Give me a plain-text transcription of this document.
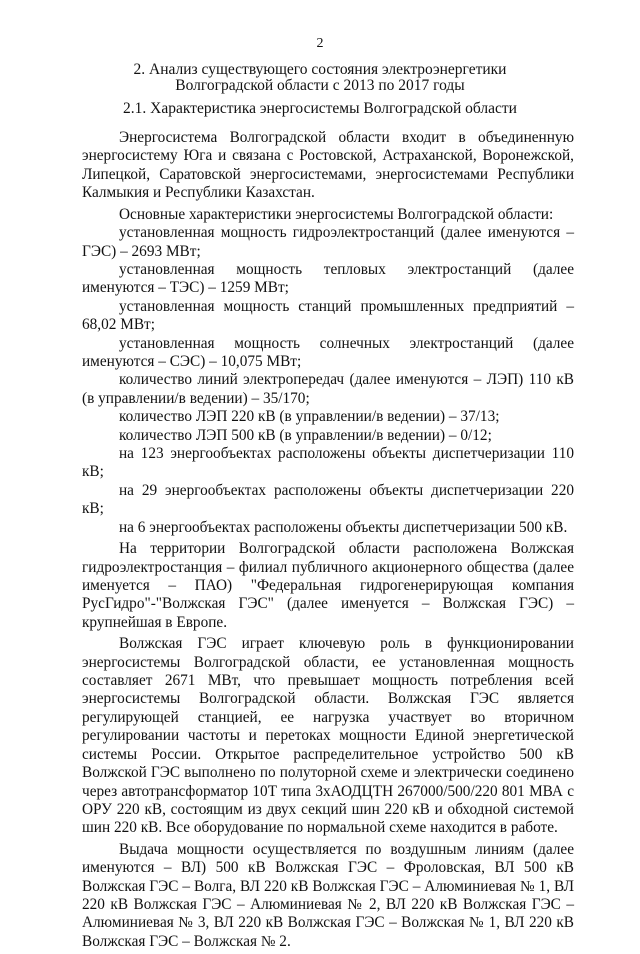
2
2. Анализ существующего состояния электроэнергетики
Волгоградской области с 2013 по 2017 годы
2.1. Характеристика энергосистемы Волгоградской области

Энергосистема Волгоградской области входит в объединенную энергосистему Юга и связана с Ростовской, Астраханской, Воронежской, Липецкой, Саратовской энергосистемами, энергосистемами Республики Калмыкия и Республики Казахстан.

Основные характеристики энергосистемы Волгоградской области:

установленная мощность гидроэлектростанций (далее именуются – ГЭС) – 2693 МВт;

установленная мощность тепловых электростанций (далее именуются – ТЭС) – 1259 МВт;

установленная мощность станций промышленных предприятий – 68,02 МВт;

установленная мощность солнечных электростанций (далее именуются – СЭС) – 10,075 МВт;

количество линий электропередач (далее именуются – ЛЭП) 110 кВ (в управлении/в ведении) – 35/170;

количество ЛЭП 220 кВ (в управлении/в ведении) – 37/13;

количество ЛЭП 500 кВ (в управлении/в ведении) – 0/12;

на 123 энергообъектах расположены объекты диспетчеризации 110 кВ;

на 29 энергообъектах расположены объекты диспетчеризации 220 кВ;

на 6 энергообъектах расположены объекты диспетчеризации 500 кВ.

На территории Волгоградской области расположена Волжская гидроэлектростанция – филиал публичного акционерного общества (далее именуется – ПАО) "Федеральная гидрогенерирующая компания РусГидро"-"Волжская ГЭС" (далее именуется – Волжская ГЭС) – крупнейшая в Европе.

Волжская ГЭС играет ключевую роль в функционировании энергосистемы Волгоградской области, ее установленная мощность составляет 2671 МВт, что превышает мощность потребления всей энергосистемы Волгоградской области. Волжская ГЭС является регулирующей станцией, ее нагрузка участвует во вторичном регулировании частоты и перетоках мощности Единой энергетической системы России. Открытое распределительное устройство 500 кВ Волжской ГЭС выполнено по полуторной схеме и электрически соединено через автотрансформатор 10Т типа 3хАОДЦТН 267000/500/220 801 МВА с ОРУ 220 кВ, состоящим из двух секций шин 220 кВ и обходной системой шин 220 кВ. Все оборудование по нормальной схеме находится в работе.

Выдача мощности осуществляется по воздушным линиям (далее именуются – ВЛ) 500 кВ Волжская ГЭС – Фроловская, ВЛ 500 кВ Волжская ГЭС – Волга, ВЛ 220 кВ Волжская ГЭС – Алюминиевая № 1, ВЛ 220 кВ Волжская ГЭС – Алюминиевая № 2, ВЛ 220 кВ Волжская ГЭС – Алюминиевая № 3, ВЛ 220 кВ Волжская ГЭС – Волжская № 1, ВЛ 220 кВ Волжская ГЭС – Волжская № 2.
